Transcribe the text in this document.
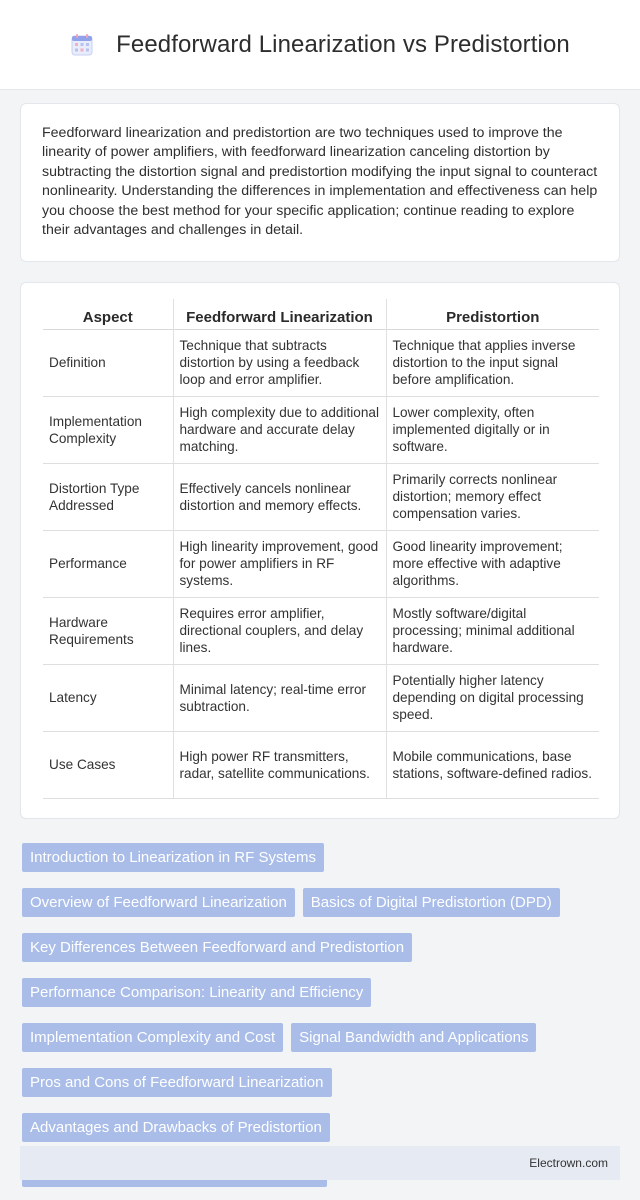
Feedforward Linearization vs Predistortion

Feedforward linearization and predistortion are two techniques used to improve the linearity of power amplifiers, with feedforward linearization canceling distortion by subtracting the distortion signal and predistortion modifying the input signal to counteract nonlinearity. Understanding the differences in implementation and effectiveness can help you choose the best method for your specific application; continue reading to explore their advantages and challenges in detail.

Aspect	Feedforward Linearization	Predistortion
Definition	Technique that subtracts distortion by using a feedback loop and error amplifier.	Technique that applies inverse distortion to the input signal before amplification.
Implementation Complexity	High complexity due to additional hardware and accurate delay matching.	Lower complexity, often implemented digitally or in software.
Distortion Type Addressed	Effectively cancels nonlinear distortion and memory effects.	Primarily corrects nonlinear distortion; memory effect compensation varies.
Performance	High linearity improvement, good for power amplifiers in RF systems.	Good linearity improvement; more effective with adaptive algorithms.
Hardware Requirements	Requires error amplifier, directional couplers, and delay lines.	Mostly software/digital processing; minimal additional hardware.
Latency	Minimal latency; real-time error subtraction.	Potentially higher latency depending on digital processing speed.
Use Cases	High power RF transmitters, radar, satellite communications.	Mobile communications, base stations, software-defined radios.
Introduction to Linearization in RF Systems
Overview of Feedforward Linearization	Basics of Digital Predistortion (DPD)
Key Differences Between Feedforward and Predistortion
Performance Comparison: Linearity and Efficiency
Implementation Complexity and Cost	Signal Bandwidth and Applications
Pros and Cons of Feedforward Linearization
Advantages and Drawbacks of Predistortion
Electrown.com
